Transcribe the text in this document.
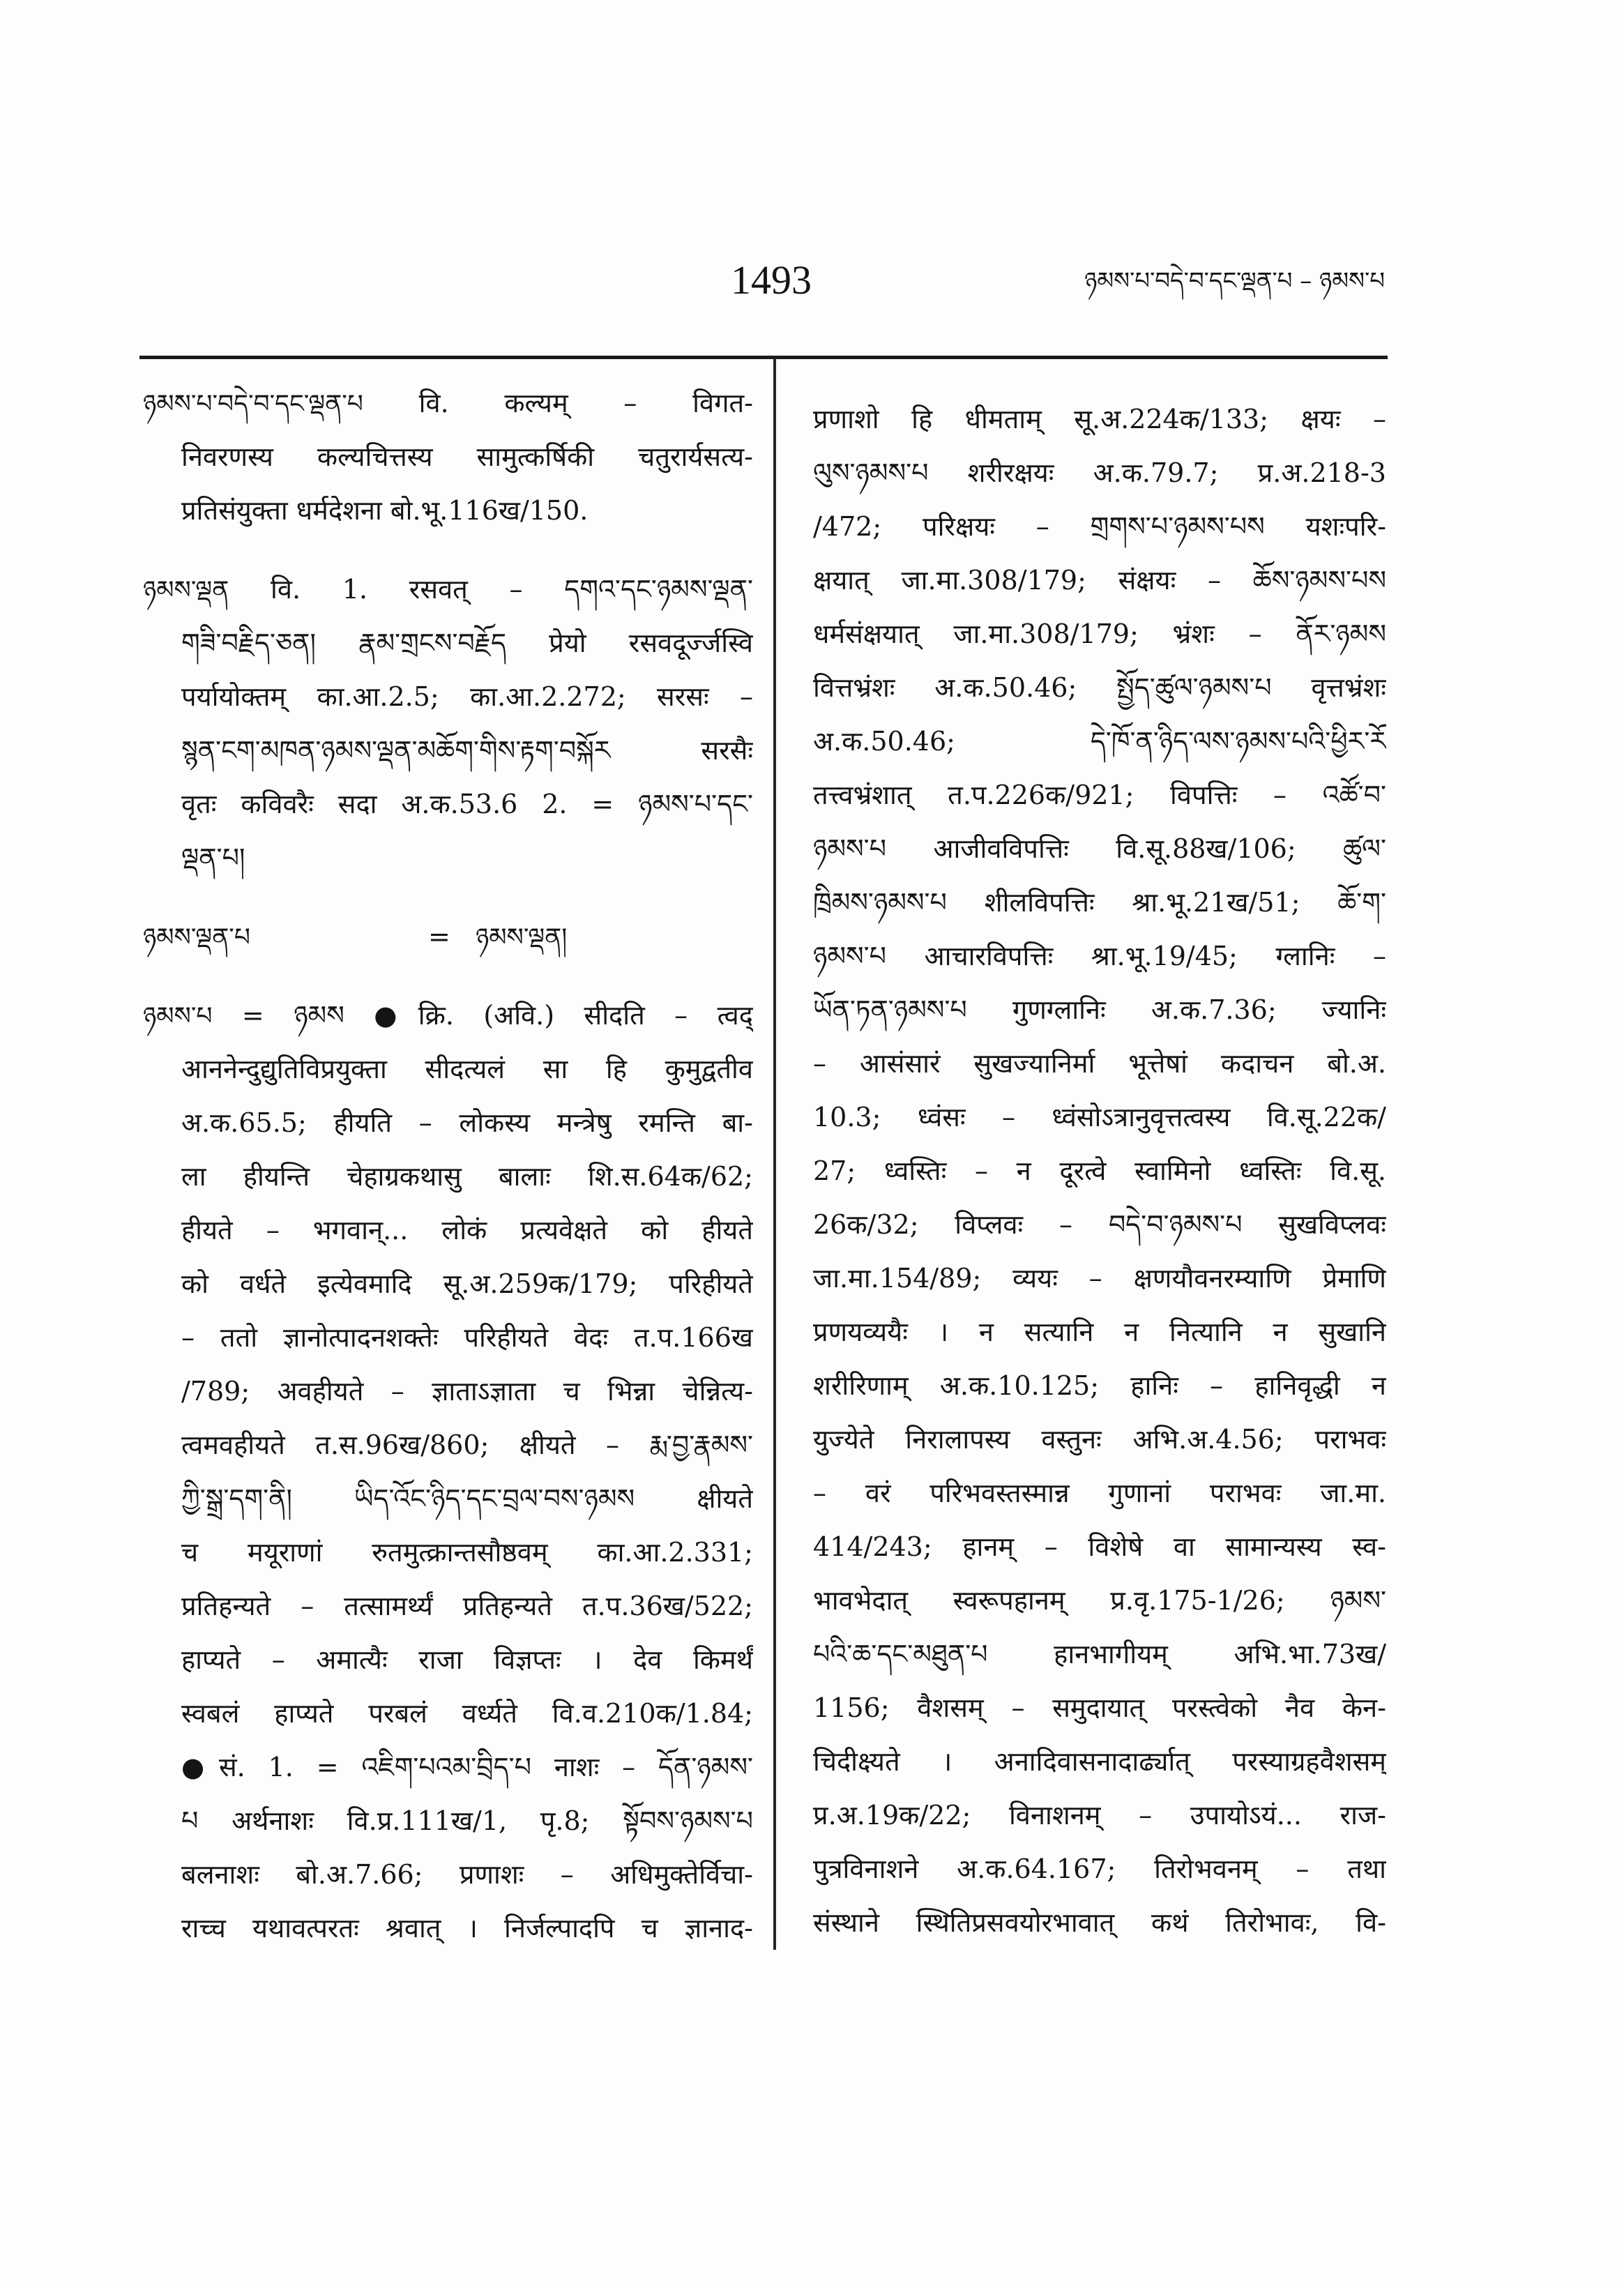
1493	ཉམས་པ་བདེ་བ་དང་ལྡན་པ – ཉམས་པ
ཉམས་པ་བདེ་བ་དང་ལྡན་པ वि. कल्यम् – विगत-
निवरणस्य कल्यचित्तस्य सामुत्कर्षिकी चतुरार्यसत्य-
प्रतिसंयुक्ता धर्मदेशना बो.भू.116ख/150.
ཉམས་ལྡན वि. 1. रसवत् – དགའ་དང་ཉམས་ལྡན་
གཟི་བརྗིད་ཅན། རྣམ་གྲངས་བརྗོད प्रेयो रसवदूर्ज्जस्वि
पर्यायोक्तम् का.आ.2.5; का.आ.2.272; सरसः –
སྙན་ངག་མཁན་ཉམས་ལྡན་མཆོག་གིས་རྟག་བསྐོར सरसैः
वृतः कविवरैः सदा अ.क.53.6 2. = ཉམས་པ་དང་
ལྡན་པ།
ཉམས་ལྡན་པ	= ཉམས་ལྡན།
ཉམས་པ = ཉམས ●क्रि. (अवि.) सीदति – त्वद्
आननेन्दुद्युतिविप्रयुक्ता सीदत्यलं सा हि कुमुद्वतीव
अ.क.65.5; हीयति – लोकस्य मन्त्रेषु रमन्ति बा-
ला हीयन्ति चेहाग्रकथासु बालाः शि.स.64क/62;
हीयते – भगवान्... लोकं प्रत्यवेक्षते को हीयते
को वर्धते इत्येवमादि सू.अ.259क/179; परिहीयते
– ततो ज्ञानोत्पादनशक्तेः परिहीयते वेदः त.प.166ख
/789; अवहीयते – ज्ञाताऽज्ञाता च भिन्ना चेन्नित्य-
त्वमवहीयते त.स.96ख/860; क्षीयते – རྨ་བྱ་རྣམས་
ཀྱི་སྒྲ་དག་ནི། ཡིད་འོང་ཉིད་དང་བྲལ་བས་ཉམས क्षीयते
च मयूराणां रुतमुत्क्रान्तसौष्ठवम् का.आ.2.331;
प्रतिहन्यते – तत्सामर्थ्यं प्रतिहन्यते त.प.36ख/522;
हाप्यते – अमात्यैः राजा विज्ञप्तः । देव किमर्थं
स्वबलं हाप्यते परबलं वर्ध्यते वि.व.210क/1.84;
●सं. 1. = འཇིག་པའམ་བྲིད་པ नाशः – དོན་ཉམས་
པ अर्थनाशः वि.प्र.111ख/1, पृ.8; སྟོབས་ཉམས་པ
बलनाशः बो.अ.7.66; प्रणाशः – अधिमुक्तेर्विचा-
राच्च यथावत्परतः श्रवात् । निर्जल्पादपि च ज्ञानाद-
प्रणाशो हि धीमताम् सू.अ.224क/133; क्षयः –
ལུས་ཉམས་པ शरीरक्षयः अ.क.79.7; प्र.अ.218-3
/472; परिक्षयः – གྲགས་པ་ཉམས་པས यशःपरि-
क्षयात् जा.मा.308/179; संक्षयः – ཆོས་ཉམས་པས
धर्मसंक्षयात् जा.मा.308/179; भ्रंशः – ནོར་ཉམས
वित्तभ्रंशः अ.क.50.46; སྤྱོད་ཚུལ་ཉམས་པ वृत्तभ्रंशः
अ.क.50.46; དེ་ཁོ་ན་ཉིད་ལས་ཉམས་པའི་ཕྱིར་རོ
तत्त्वभ्रंशात् त.प.226क/921; विपत्तिः – འཚོ་བ་
ཉམས་པ आजीवविपत्तिः वि.सू.88ख/106; ཚུལ་
ཁྲིམས་ཉམས་པ शीलविपत्तिः श्रा.भू.21ख/51; ཆོ་ག་
ཉམས་པ आचारविपत्तिः श्रा.भू.19/45; ग्लानिः –
ཡོན་ཏན་ཉམས་པ गुणग्लानिः अ.क.7.36; ज्यानिः
– आसंसारं सुखज्यानिर्मा भूत्तेषां कदाचन बो.अ.
10.3; ध्वंसः – ध्वंसोऽत्रानुवृत्तत्वस्य वि.सू.22क/
27; ध्वस्तिः – न दूरत्वे स्वामिनो ध्वस्तिः वि.सू.
26क/32; विप्लवः – བདེ་བ་ཉམས་པ सुखविप्लवः
जा.मा.154/89; व्ययः – क्षणयौवनरम्याणि प्रेमाणि
प्रणयव्ययैः । न सत्यानि न नित्यानि न सुखानि
शरीरिणाम् अ.क.10.125; हानिः – हानिवृद्धी न
युज्येते निरालापस्य वस्तुनः अभि.अ.4.56; पराभवः
– वरं परिभवस्तस्मान्न गुणानां पराभवः जा.मा.
414/243; हानम् – विशेषे वा सामान्यस्य स्व-
भावभेदात् स्वरूपहानम् प्र.वृ.175-1/26; ཉམས་
པའི་ཆ་དང་མཐུན་པ हानभागीयम् अभि.भा.73ख/
1156; वैशसम् – समुदायात् परस्त्वेको नैव केन-
चिदीक्ष्यते । अनादिवासनादार्ढ्यात् परस्याग्रहवैशसम्
प्र.अ.19क/22; विनाशनम् – उपायोऽयं... राज-
पुत्रविनाशने अ.क.64.167; तिरोभवनम् – तथा
संस्थाने स्थितिप्रसवयोरभावात् कथं तिरोभावः, वि-
